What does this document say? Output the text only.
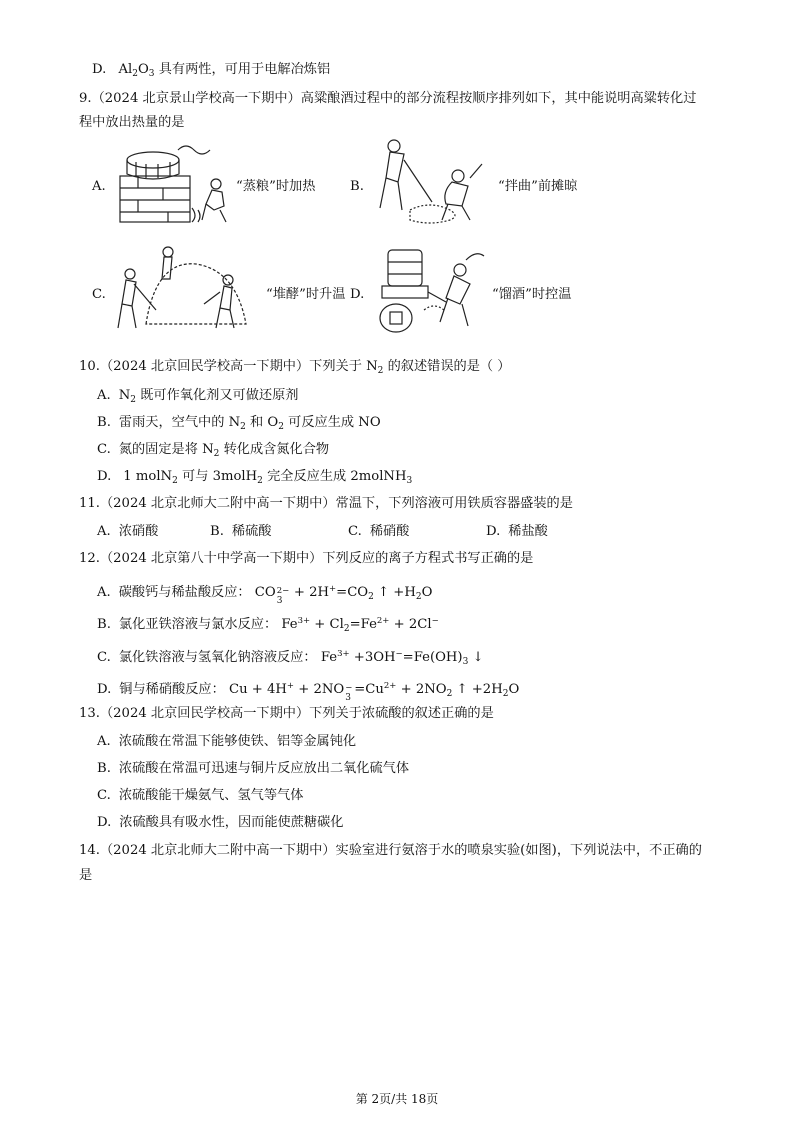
D. $Al_2O_3$ 具有两性，可用于电解冶炼铝
9.（2024 北京景山学校高一下期中）高粱酿酒过程中的部分流程按顺序排列如下，其中能说明高粱转化过
程中放出热量的是
A.	“蒸粮”时加热	B.	“拌曲”前摊晾
C.	“堆酵”时升温 D.	“馏酒”时控温
10.（2024 北京回民学校高一下期中）下列关于 $N_2$ 的叙述错误的是（ ）
A. $N_2$ 既可作氧化剂又可做还原剂
B. 雷雨天，空气中的 $N_2$ 和 $O_2$ 可反应生成 NO
C. 氮的固定是将 $N_2$ 转化成含氮化合物
D. 1 molN$_2$ 可与 3molH$_2$ 完全反应生成 2molNH$_3$
11.（2024 北京北师大二附中高一下期中）常温下，下列溶液可用铁质容器盛装的是
A. 浓硝酸	B. 稀硫酸	C. 稀硝酸	D. 稀盐酸
12.（2024 北京第八十中学高一下期中）下列反应的离子方程式书写正确的是
A. 碳酸钙与稀盐酸反应： CO 2−
3
+ $2H^+=CO_2$ ↑ $+H_2O$
B. 氯化亚铁溶液与氯水反应： $Fe^{3+} + Cl_2=Fe^{2+} + 2Cl^-$
C. 氯化铁溶液与氢氧化钠溶液反应： $Fe^{3+} +3OH^-=Fe(OH)_3$ ↓
D. 铜与稀硝酸反应： Cu + 4H+ + 2NO −
3
$=Cu^{2+} + 2NO_2$ ↑ $+2H_2O$
13.（2024 北京回民学校高一下期中）下列关于浓硫酸的叙述正确的是
A. 浓硫酸在常温下能够使铁、铝等金属钝化
B. 浓硫酸在常温可迅速与铜片反应放出二氧化硫气体
C. 浓硫酸能干燥氨气、氢气等气体
D. 浓硫酸具有吸水性，因而能使蔗糖碳化
14.（2024 北京北师大二附中高一下期中）实验室进行氨溶于水的喷泉实验(如图)，下列说法中，不正确的
是
第 2页/共 18页
